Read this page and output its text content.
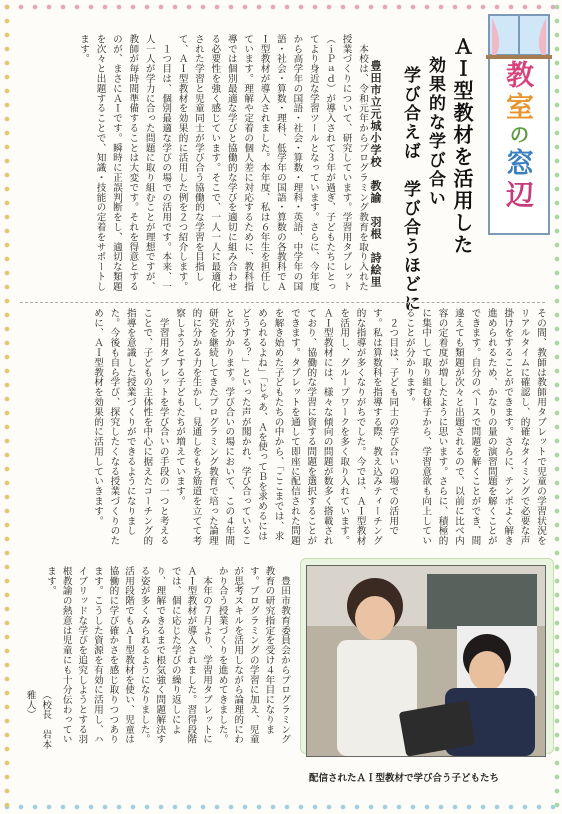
教室の窓辺
ＡＩ型教材を活用した
効果的な学び合い
学び合えば　学び合うほどに
豊田市立元城小学校　教諭　羽根　詩絵里
　本校は、令和元年からプログラミング教育を取り入れた授業づくりについて、研究しています。学習用タブレット（ｉＰａｄ）が導入されて３年が過ぎ、子どもたちにとってより身近な学習ツールとなっています。さらに、今年度から高学年の国語・社会・算数・理科・英語、中学年の国語・社会・算数・理科、低学年の国語・算数の各教科でＡＩ型教材が導入されました。本年度、私は６年生を担任しています。理解や定着の個人差に対応するために、教科指導では個別最適な学びと協働的な学びを適切に組み合わせる必要性を強く感じています。そこで、一人一人に最適化された学習と児童同士が学び合う協働的な学習を目指して、ＡＩ型教材を効果的に活用した例を２つ紹介します。
　１つ目は、個別最適な学びの場での活用です。本来、一人一人が学力に合った問題に取り組むことが理想ですが、教師が毎時間準備することは大変です。それを得意とするのが、まさにＡＩです。瞬時に正誤判断をし、適切な類題を次々と出題することで、知識・技能の定着をサポートします。
その間、教師は教師用タブレットで児童の学習状況をリアルタイムに確認し、的確なタイミングで必要な声掛けをすることができます。さらに、テンポよく解き進められるため、かなりの量の演習問題を解くことができます。自分のペースで問題を解くことができ、間違えても類題が次々と出題されるので、以前に比べ内容の定着度が増したように思います。さらに、積極的に集中して取り組む様子から、学習意欲も向上していることが分かります。
　２つ目は、子ども同士の学び合いの場での活用です。私は算数科を指導する際、教え込みティーチング的な指導が多くなりがちでした。今では、ＡＩ型教材を活用し、グループワークを多く取り入れています。ＡＩ型教材には、様々な傾向の問題が数多く搭載されており、協働的な学習に資する問題を選択することができます。タブレットを通して即座に配信された問題を解き始めた子どもたちの中から、「ここまでは、求められるよね」「じゃあ、Ａを使ってＢを求めるにはどうする？」といった声が聞かれ、学び合っていることが分かります。学び合いの場において、この４年間研究を継続してきたプログラミング教育で培った論理的に分かる力を生かし、見通しをもち筋道を立てて考察しようとする子どもたちが増えています。
　学習用タブレットを学び合いの手段の一つと考えることで、子どもの主体性を中心に据えたコーチング的指導を意識した授業づくりができるようになりました。今後も自ら学び、探究したくなる授業づくりのために、ＡＩ型教材を効果的に活用していきます。
　豊田市教育委員会からプログラミング教育の研究指定を受け４年目になります。プログラミングの学習に加え、児童が思考スキルを活用しながら論理的にわかり合う授業づくりを進めてきました。
　本年の７月より、学習用タブレットにＡＩ型教材が導入されました。習得段階では、個に応じた学びの繰り返しにより、理解できるまで根気強く問題解決する姿が多くみられるようになりました。活用段階でもＡＩ型教材を使い、児童は協働的に学び確かさを感じ取りつつあります。こうした資源を有効に活用し、ハイブリッドな学びを追究しようとする羽根教諭の熱意は児童にも十分伝わっています。
（校長　岩本　雅人）
配信されたＡＩ型教材で学び合う子どもたち
